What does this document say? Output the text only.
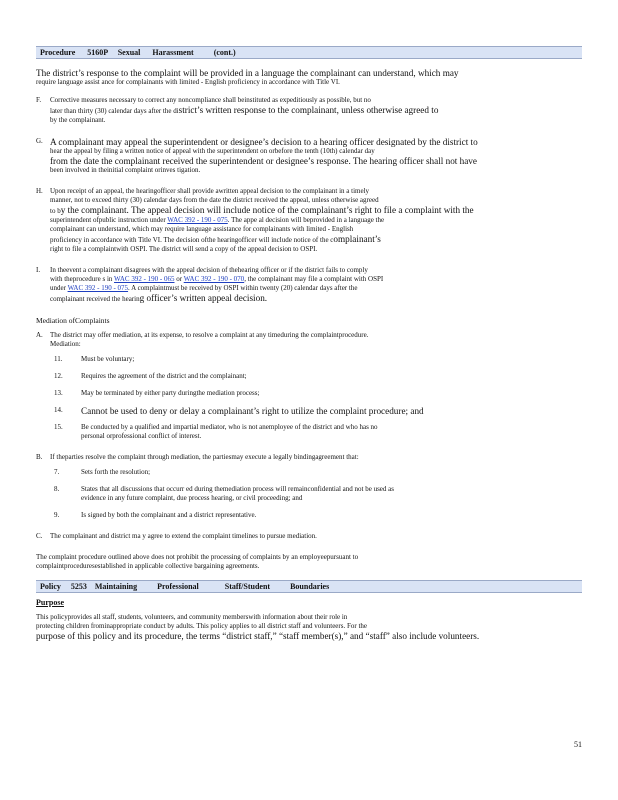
Procedure      5160P     Sexual      Harassment          (cont.)

The district’s response to the complaint will be provided in a language the complainant can understand, which may

require language assist ance for complainants with limited - English proficiency in accordance with Title VI.

F. Corrective measures necessary to correct any noncompliance shall beinstituted as expeditiously as possible, but no

later than thirty (30) calendar days after the district’s written response to the complainant, unless otherwise agreed to

by the complainant.

G. A complainant may appeal the superintendent or designee’s decision to a hearing officer designated by the district to

hear the appeal by filing a written notice of appeal with the superintendent on orbefore the tenth (10th) calendar day

from the date the complainant received the superintendent or designee’s response. The hearing officer shall not have

been involved in theinitial complaint orinves tigation.

H. Upon receipt of an appeal, the hearingofficer shall provide awritten appeal decision to the complainant in a timely

manner, not to exceed thirty (30) calendar days from the date the district received the appeal, unless otherwise agreed

to by the complainant. The appeal decision will include notice of the complainant’s right to file a complaint with the

superintendent ofpublic instruction under WAC 392 - 190 - 075. The appe al decision will beprovided in a language the

complainant can understand, which may require language assistance for complainants with limited - English

proficiency in accordance with Title VI. The decision ofthe hearingofficer will include notice of the complainant’s

right to file a complaintwith OSPI. The district will send a copy of the appeal decision to OSPI.

I. In theevent a complainant disagrees with the appeal decision of thehearing officer or if the district fails to comply

with theprocedure s in WAC 392 - 190 - 065 or WAC 392 - 190 - 070, the complainant may file a complaint with OSPI

under WAC 392 - 190 - 075. A complaintmust be received by OSPI within twenty (20) calendar days after the

complainant received the hearing officer’s written appeal decision.

Mediation ofComplaints

A. The district may offer mediation, at its expense, to resolve a complaint at any timeduring the complaintprocedure.

Mediation:

11.	Must be voluntary;

12.	Requires the agreement of the district and the complainant;

13.	May be terminated by either party duringthe mediation process;

14. Cannot be used to deny or delay a complainant’s right to utilize the complaint procedure; and

15.	Be conducted by a qualified and impartial mediator, who is not anemployee of the district and who has no

personal orprofessional conflict of interest.

B. If theparties resolve the complaint through mediation, the partiesmay execute a legally bindingagreement that:

7.	Sets forth the resolution;

8.	States that all discussions that occurr ed during themediation process will remainconfidential and not be used as

evidence in any future complaint, due process hearing, or civil proceeding; and

9.	Is signed by both the complainant and a district representative.

C. The complainant and district ma y agree to extend the complaint timelines to pursue mediation.

The complaint procedure outlined above does not prohibit the processing of complaints by an employeepursuant to

complaintproceduresestablished in applicable collective bargaining agreements.

Policy     5253    Maintaining          Professional             Staff/Student          Boundaries

Purpose

This policyprovides all staff, students, volunteers, and community memberswith information about their role in

protecting children frominappropriate conduct by adults. This policy applies to all district staff and volunteers. For the

purpose of this policy and its procedure, the terms “district staff,” “staff member(s),” and “staff” also include volunteers.

51
